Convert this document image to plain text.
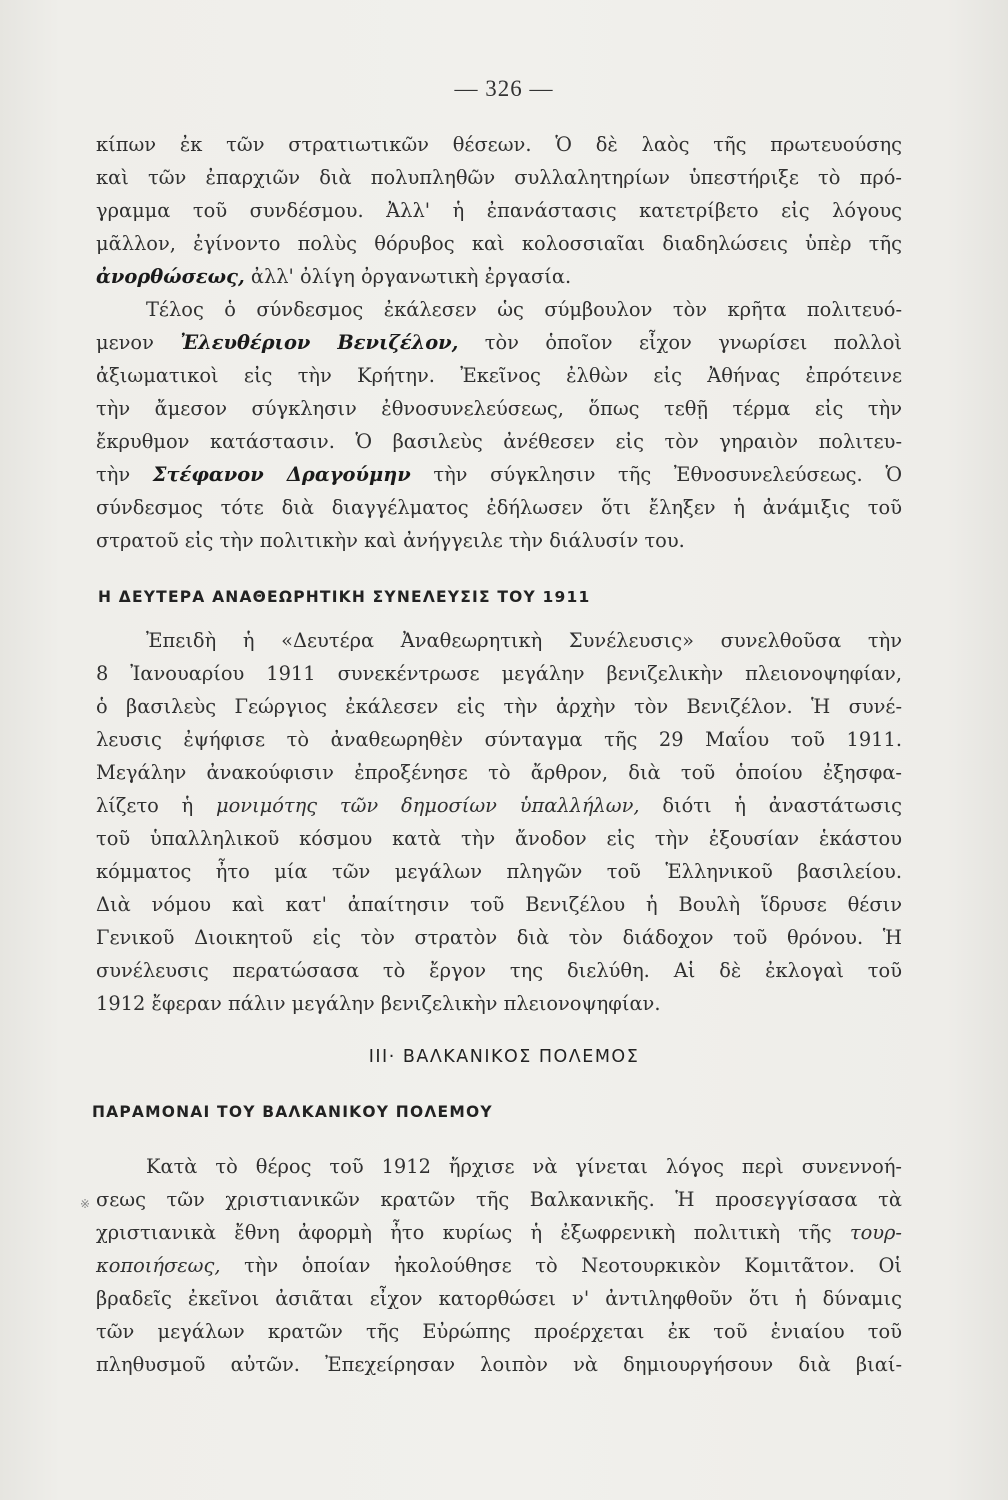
— 326 —

κίπων ἐκ τῶν στρατιωτικῶν θέσεων. Ὁ δὲ λαὸς τῆς πρωτευούσης
καὶ τῶν ἐπαρχιῶν διὰ πολυπληθῶν συλλαλητηρίων ὑπεστήριξε τὸ πρό-
γραμμα τοῦ συνδέσμου. Ἀλλ' ἡ ἐπανάστασις κατετρίβετο εἰς λόγους
μᾶλλον, ἐγίνοντο πολὺς θόρυβος καὶ κολοσσιαῖαι διαδηλώσεις ὑπὲρ τῆς
ἀνορθώσεως, ἀλλ' ὀλίγη ὀργανωτικὴ ἐργασία.

Τέλος ὁ σύνδεσμος ἐκάλεσεν ὡς σύμβουλον τὸν κρῆτα πολιτευό-
μενον Ἐλευθέριον Βενιζέλον, τὸν ὁποῖον εἶχον γνωρίσει πολλοὶ
ἀξιωματικοὶ εἰς τὴν Κρήτην. Ἐκεῖνος ἐλθὼν εἰς Ἀθήνας ἐπρότεινε
τὴν ἄμεσον σύγκλησιν ἐθνοσυνελεύσεως, ὅπως τεθῇ τέρμα εἰς τὴν
ἔκρυθμον κατάστασιν. Ὁ βασιλεὺς ἀνέθεσεν εἰς τὸν γηραιὸν πολιτευ-
τὴν Στέφανον Δραγούμην τὴν σύγκλησιν τῆς Ἐθνοσυνελεύσεως. Ὁ
σύνδεσμος τότε διὰ διαγγέλματος ἐδήλωσεν ὅτι ἔληξεν ἡ ἀνάμιξις τοῦ
στρατοῦ εἰς τὴν πολιτικὴν καὶ ἀνήγγειλε τὴν διάλυσίν του.

Η ΔΕΥΤΕΡΑ ΑΝΑΘΕΩΡΗΤΙΚΗ ΣΥΝΕΛΕΥΣΙΣ ΤΟΥ 1911

Ἐπειδὴ ἡ «Δευτέρα Ἀναθεωρητικὴ Συνέλευσις» συνελθοῦσα τὴν
8 Ἰανουαρίου 1911 συνεκέντρωσε μεγάλην βενιζελικὴν πλειονοψηφίαν,
ὁ βασιλεὺς Γεώργιος ἐκάλεσεν εἰς τὴν ἀρχὴν τὸν Βενιζέλον. Ἡ συνέ-
λευσις ἐψήφισε τὸ ἀναθεωρηθὲν σύνταγμα τῆς 29 Μαΐου τοῦ 1911.
Μεγάλην ἀνακούφισιν ἐπροξένησε τὸ ἄρθρον, διὰ τοῦ ὁποίου ἐξησφα-
λίζετο ἡ μονιμότης τῶν δημοσίων ὑπαλλήλων, διότι ἡ ἀναστάτωσις
τοῦ ὑπαλληλικοῦ κόσμου κατὰ τὴν ἄνοδον εἰς τὴν ἐξουσίαν ἑκάστου
κόμματος ἦτο μία τῶν μεγάλων πληγῶν τοῦ Ἑλληνικοῦ βασιλείου.
Διὰ νόμου καὶ κατ' ἀπαίτησιν τοῦ Βενιζέλου ἡ Βουλὴ ἵδρυσε θέσιν
Γενικοῦ Διοικητοῦ εἰς τὸν στρατὸν διὰ τὸν διάδοχον τοῦ θρόνου. Ἡ
συνέλευσις περατώσασα τὸ ἔργον της διελύθη. Αἱ δὲ ἐκλογαὶ τοῦ
1912 ἔφεραν πάλιν μεγάλην βενιζελικὴν πλειονοψηφίαν.

ΙΙΙ· ΒΑΛΚΑΝΙΚΟΣ ΠΟΛΕΜΟΣ
ΠΑΡΑΜΟΝΑΙ ΤΟΥ ΒΑΛΚΑΝΙΚΟΥ ΠΟΛΕΜΟΥ
※

Κατὰ τὸ θέρος τοῦ 1912 ἤρχισε νὰ γίνεται λόγος περὶ συνεννοή-
σεως τῶν χριστιανικῶν κρατῶν τῆς Βαλκανικῆς. Ἡ προσεγγίσασα τὰ
χριστιανικὰ ἔθνη ἀφορμὴ ἦτο κυρίως ἡ ἐξωφρενικὴ πολιτικὴ τῆς τουρ-
κοποιήσεως, τὴν ὁποίαν ἠκολούθησε τὸ Νεοτουρκικὸν Κομιτᾶτον. Οἱ
βραδεῖς ἐκεῖνοι ἀσιᾶται εἶχον κατορθώσει ν' ἀντιληφθοῦν ὅτι ἡ δύναμις
τῶν μεγάλων κρατῶν τῆς Εὐρώπης προέρχεται ἐκ τοῦ ἑνιαίου τοῦ
πληθυσμοῦ αὐτῶν. Ἐπεχείρησαν λοιπὸν νὰ δημιουργήσουν διὰ βιαί-
